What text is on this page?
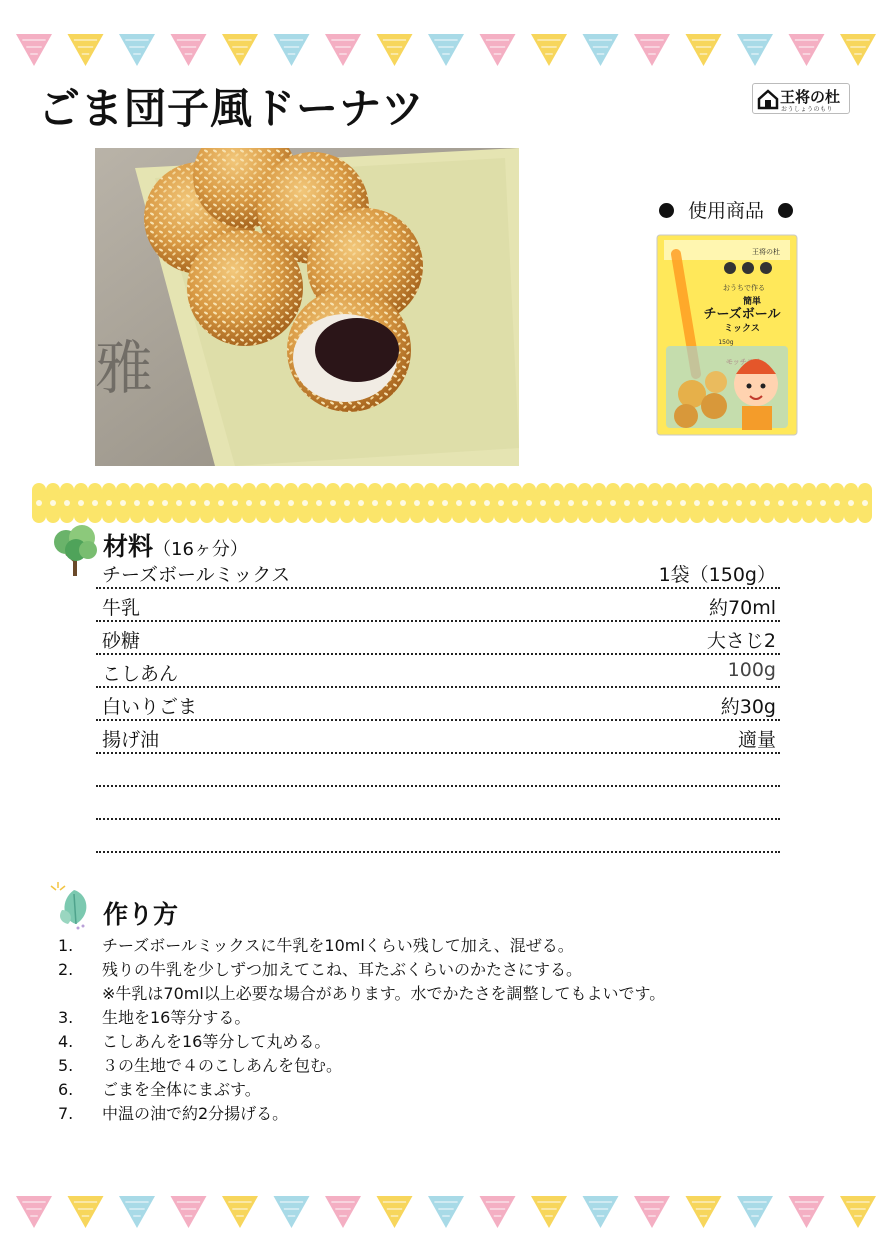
ごま団子風ドーナツ	王将の杜
おうしょうのもり
雅
使用商品
王将の杜
おうちで作る
簡単
チーズボール
ミックス
150g
材料（16ヶ分）
チーズボールミックス	1袋（150g）
牛乳	約70ml
砂糖	大さじ2
こしあん	100g
白いりごま	約30g
揚げ油	適量
作り方
1. チーズボールミックスに牛乳を10mlくらい残して加え、混ぜる。
2. 残りの牛乳を少しずつ加えてこね、耳たぶくらいのかたさにする。
※牛乳は70ml以上必要な場合があります。水でかたさを調整してもよいです。
3. 生地を16等分する。
4. こしあんを16等分して丸める。
5. ３の生地で４のこしあんを包む。
6. ごまを全体にまぶす。
7. 中温の油で約2分揚げる。
